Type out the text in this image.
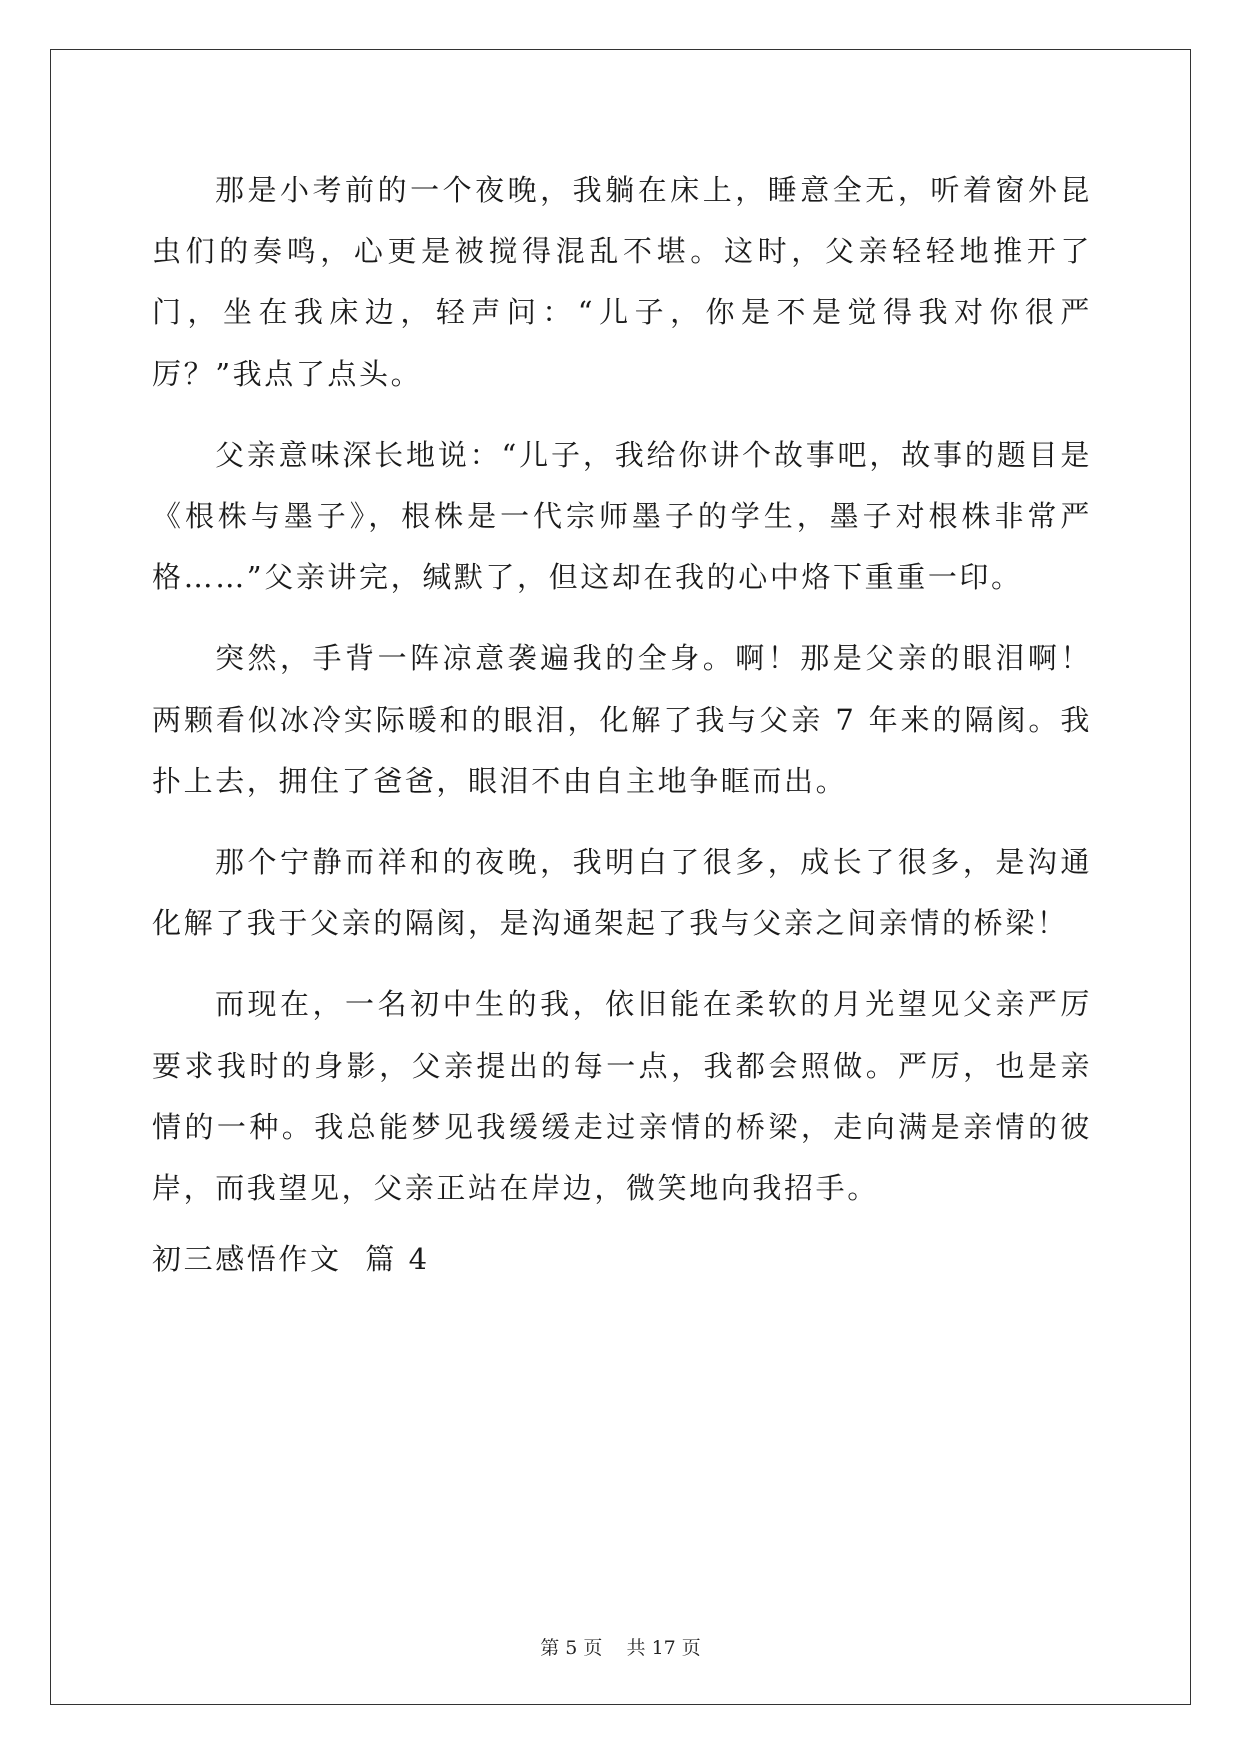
那是小考前的一个夜晚，我躺在床上，睡意全无，听着窗外昆虫们的奏鸣，心更是被搅得混乱不堪。这时，父亲轻轻地推开了门，坐在我床边，轻声问：“儿子，你是不是觉得我对你很严厉？”我点了点头。

父亲意味深长地说：“儿子，我给你讲个故事吧，故事的题目是《根株与墨子》，根株是一代宗师墨子的学生，墨子对根株非常严格……”父亲讲完，缄默了，但这却在我的心中烙下重重一印。

突然，手背一阵凉意袭遍我的全身。啊！那是父亲的眼泪啊！两颗看似冰冷实际暖和的眼泪，化解了我与父亲 7 年来的隔阂。我扑上去，拥住了爸爸，眼泪不由自主地争眶而出。

那个宁静而祥和的夜晚，我明白了很多，成长了很多，是沟通化解了我于父亲的隔阂，是沟通架起了我与父亲之间亲情的桥梁！

而现在，一名初中生的我，依旧能在柔软的月光望见父亲严厉要求我时的身影，父亲提出的每一点，我都会照做。严厉，也是亲情的一种。我总能梦见我缓缓走过亲情的桥梁，走向满是亲情的彼岸，而我望见，父亲正站在岸边，微笑地向我招手。

初三感悟作文  篇 4

第 5 页 共 17 页
